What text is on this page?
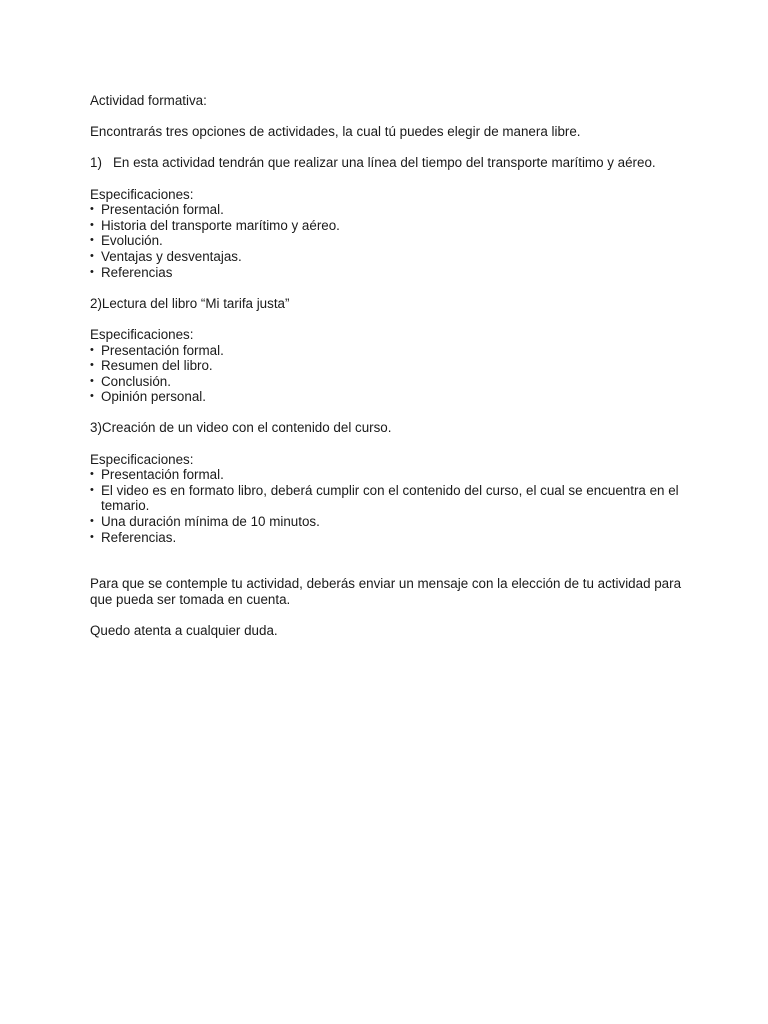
Actividad formativa:

Encontrarás tres opciones de actividades, la cual tú puedes elegir de manera libre.

1) En esta actividad tendrán que realizar una línea del tiempo del transporte marítimo y aéreo.

Especificaciones:

• Presentación formal.
• Historia del transporte marítimo y aéreo.
• Evolución.
• Ventajas y desventajas.
• Referencias

2)Lectura del libro “Mi tarifa justa”

Especificaciones:

• Presentación formal.
• Resumen del libro.
• Conclusión.
• Opinión personal.

3)Creación de un video con el contenido del curso.

Especificaciones:

• Presentación formal.
• El video es en formato libro, deberá cumplir con el contenido del curso, el cual se encuentra en el temario.
• Una duración mínima de 10 minutos.
• Referencias.

Para que se contemple tu actividad, deberás enviar un mensaje con la elección de tu actividad para que pueda ser tomada en cuenta.

Quedo atenta a cualquier duda.
